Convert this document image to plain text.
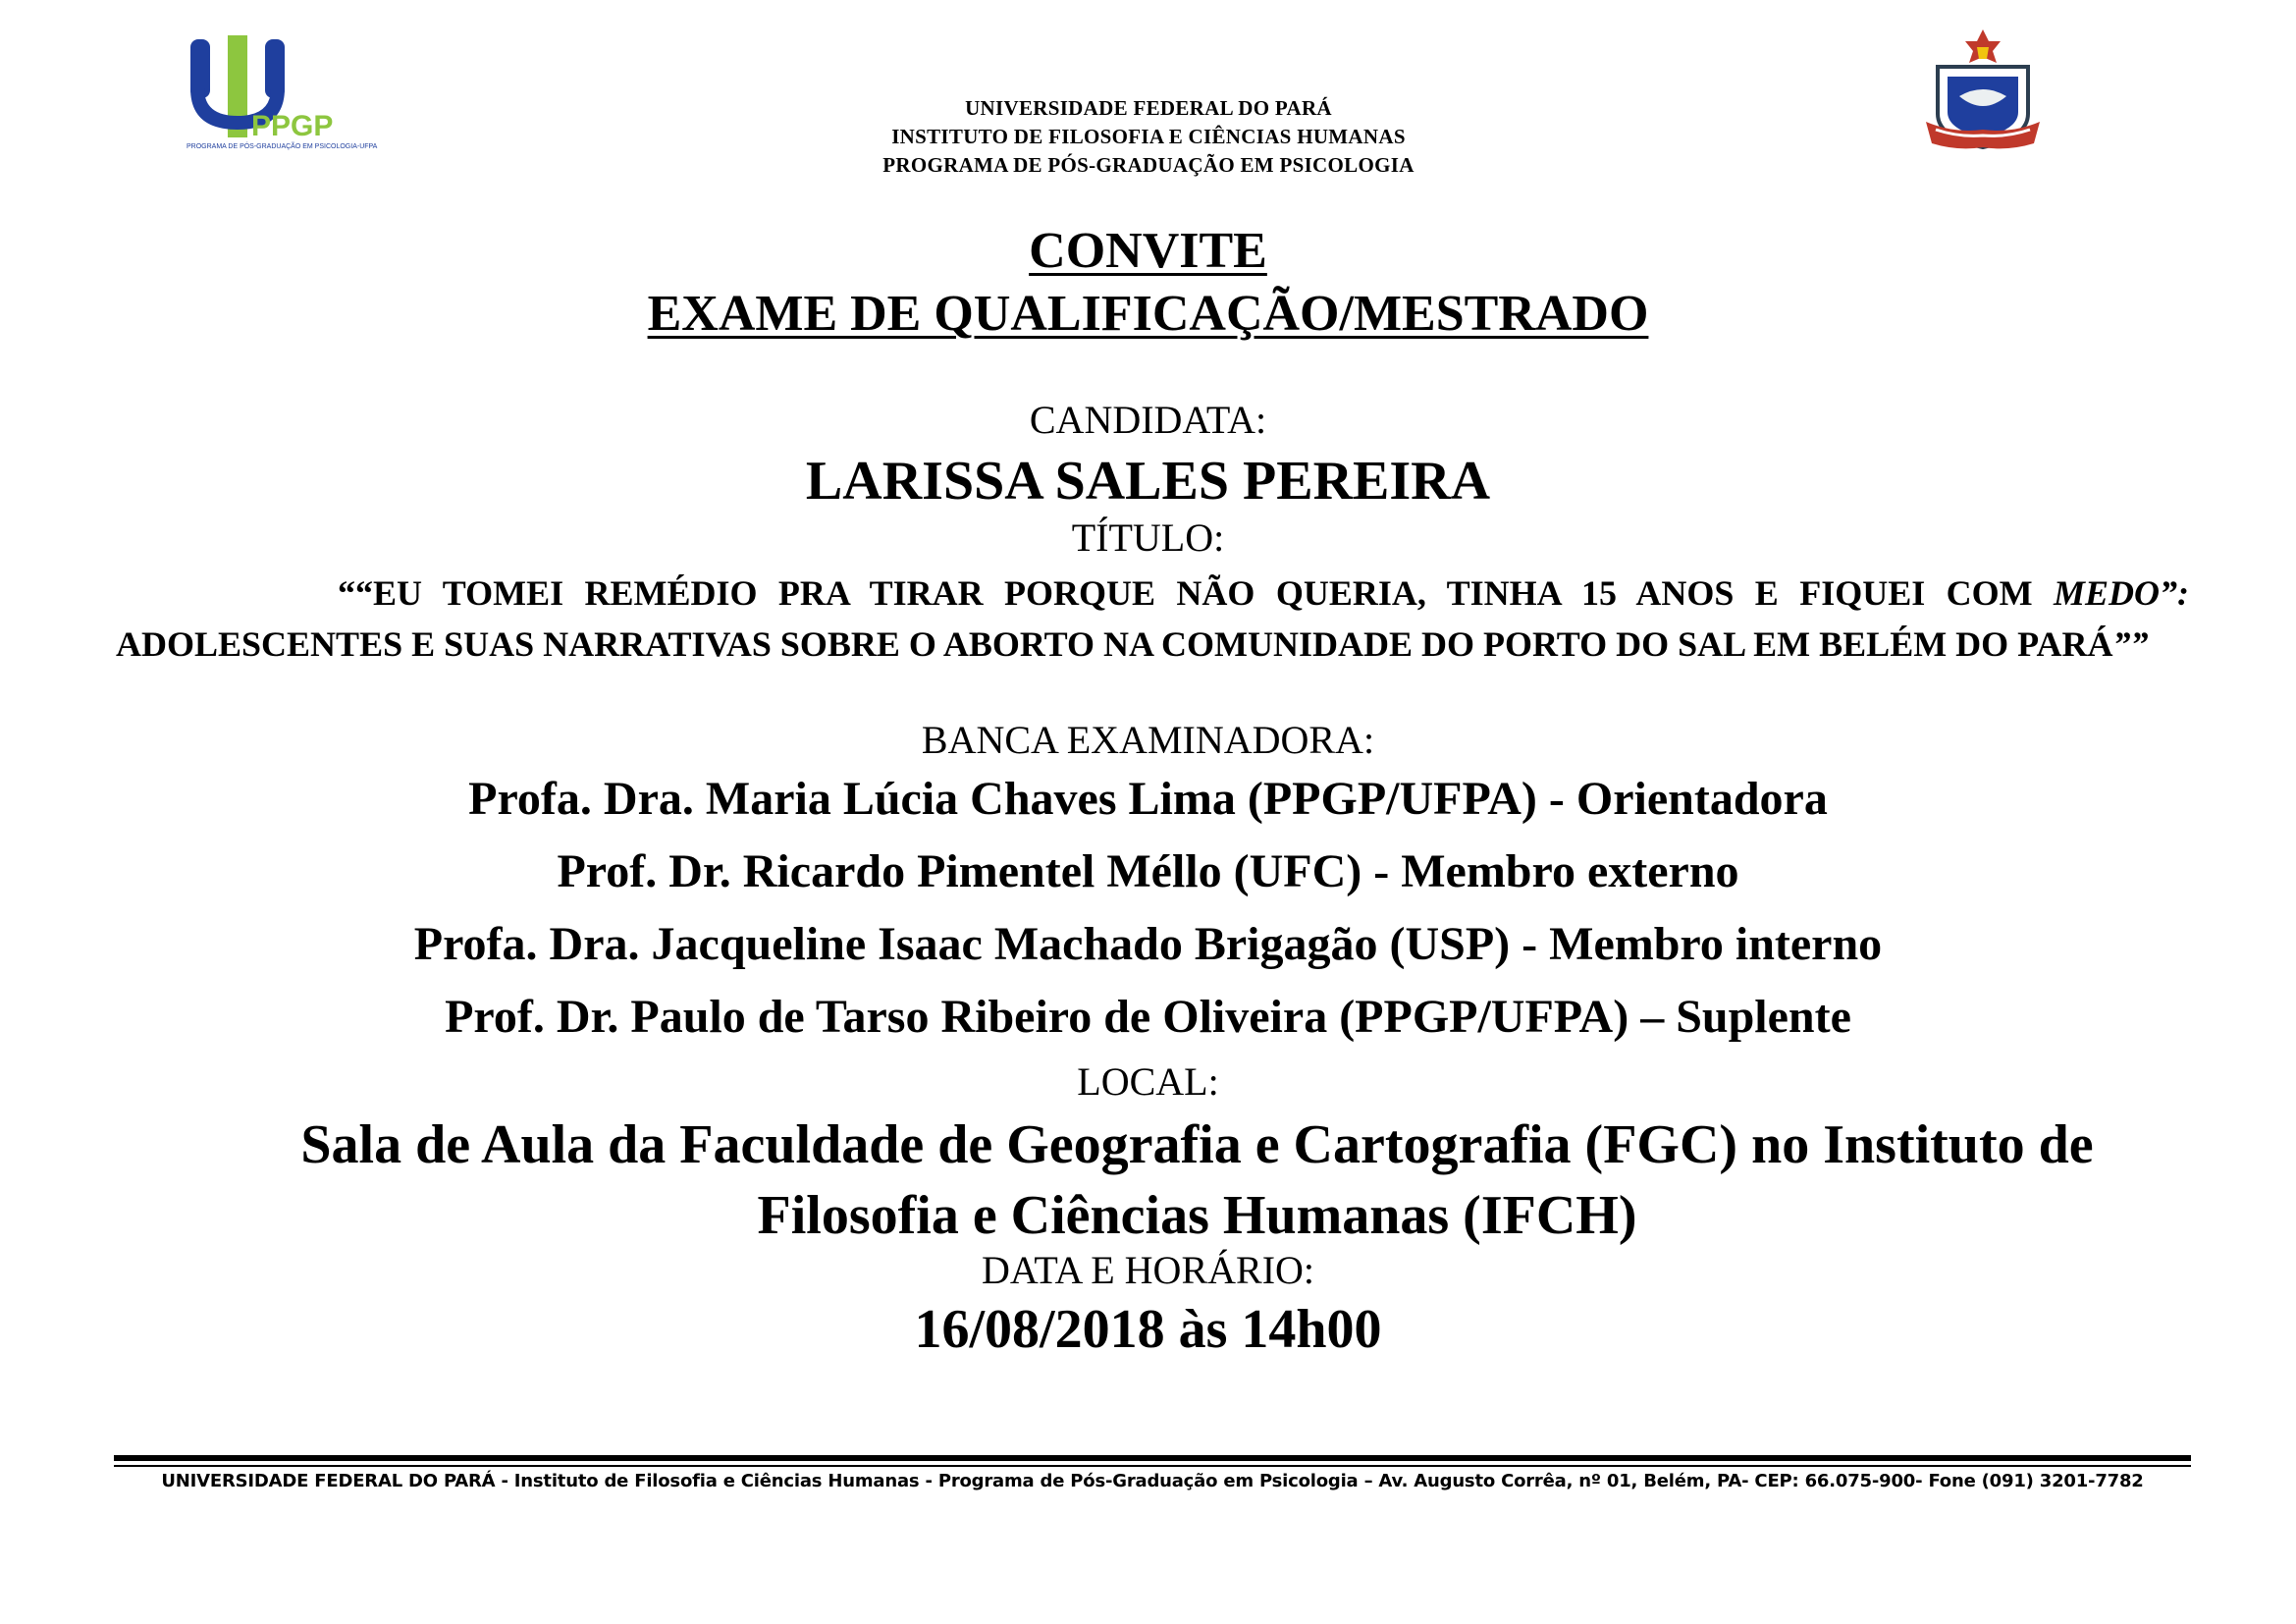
PPGP
PROGRAMA DE PÓS-GRADUAÇÃO EM PSICOLOGIA-UFPA
UNIVERSIDADE FEDERAL DO PARÁ
INSTITUTO DE FILOSOFIA E CIÊNCIAS HUMANAS
PROGRAMA DE PÓS-GRADUAÇÃO EM PSICOLOGIA
CONVITE
EXAME DE QUALIFICAÇÃO/MESTRADO
CANDIDATA:
LARISSA SALES PEREIRA
TÍTULO:
““EU TOMEI REMÉDIO PRA TIRAR PORQUE NÃO QUERIA, TINHA 15 ANOS E FIQUEI COM MEDO”: ADOLESCENTES E SUAS NARRATIVAS SOBRE O ABORTO NA COMUNIDADE DO PORTO DO SAL EM BELÉM DO PARÁ””
BANCA EXAMINADORA:
Profa. Dra. Maria Lúcia Chaves Lima (PPGP/UFPA) - Orientadora
Prof. Dr. Ricardo Pimentel Méllo (UFC) - Membro externo
Profa. Dra. Jacqueline Isaac Machado Brigagão (USP) - Membro interno
Prof. Dr. Paulo de Tarso Ribeiro de Oliveira (PPGP/UFPA) – Suplente
LOCAL:
Sala de Aula da Faculdade de Geografia e Cartografia (FGC) no Instituto de
Filosofia e Ciências Humanas (IFCH)
DATA E HORÁRIO:
16/08/2018 às 14h00
UNIVERSIDADE FEDERAL DO PARÁ - Instituto de Filosofia e Ciências Humanas - Programa de Pós-Graduação em Psicologia – Av. Augusto Corrêa, nº 01, Belém, PA- CEP: 66.075-900- Fone (091) 3201-7782
